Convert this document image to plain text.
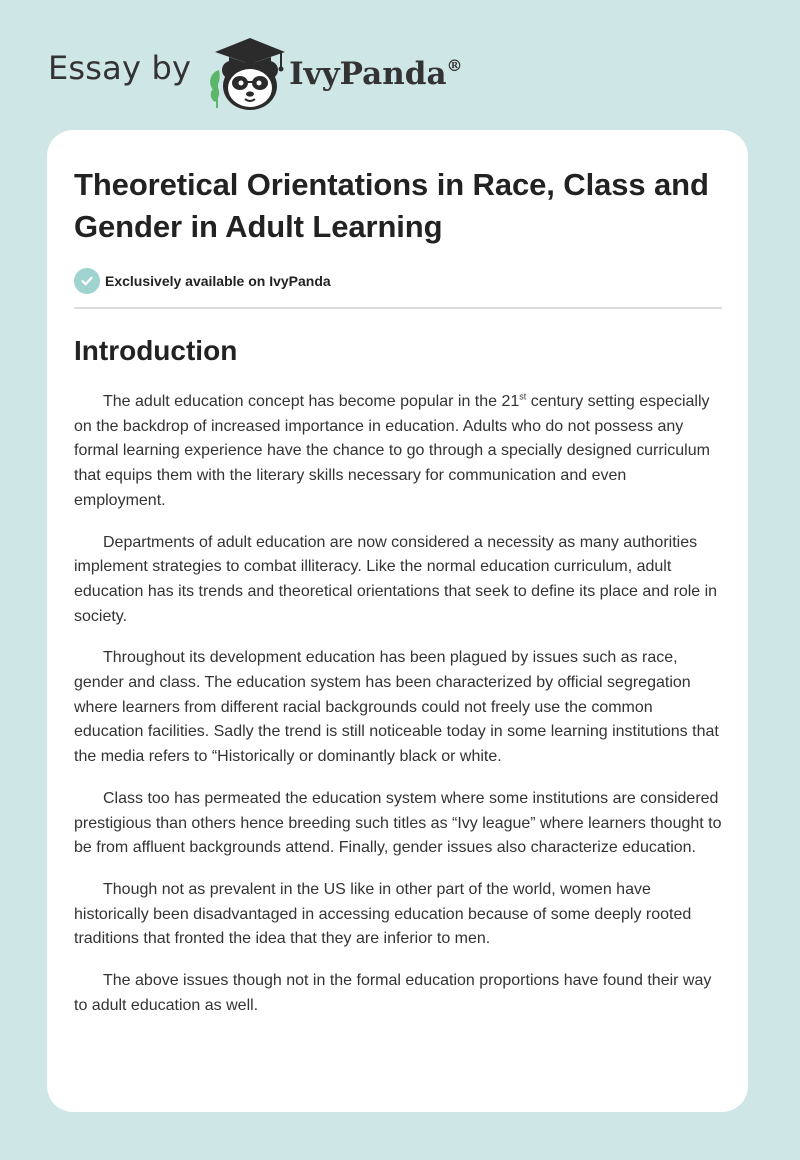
Essay by	IvyPanda®
Theoretical Orientations in Race, Class and Gender in Adult Learning
Exclusively available on IvyPanda
Introduction

The adult education concept has become popular in the 21st century setting especially on the backdrop of increased importance in education. Adults who do not possess any formal learning experience have the chance to go through a specially designed curriculum that equips them with the literary skills necessary for communication and even employment.

Departments of adult education are now considered a necessity as many authorities implement strategies to combat illiteracy. Like the normal education curriculum, adult education has its trends and theoretical orientations that seek to define its place and role in society.

Throughout its development education has been plagued by issues such as race, gender and class. The education system has been characterized by official segregation where learners from different racial backgrounds could not freely use the common education facilities. Sadly the trend is still noticeable today in some learning institutions that the media refers to “Historically or dominantly black or white.

Class too has permeated the education system where some institutions are considered prestigious than others hence breeding such titles as “Ivy league” where learners thought to be from affluent backgrounds attend. Finally, gender issues also characterize education.

Though not as prevalent in the US like in other part of the world, women have historically been disadvantaged in accessing education because of some deeply rooted traditions that fronted the idea that they are inferior to men.

The above issues though not in the formal education proportions have found their way to adult education as well.
